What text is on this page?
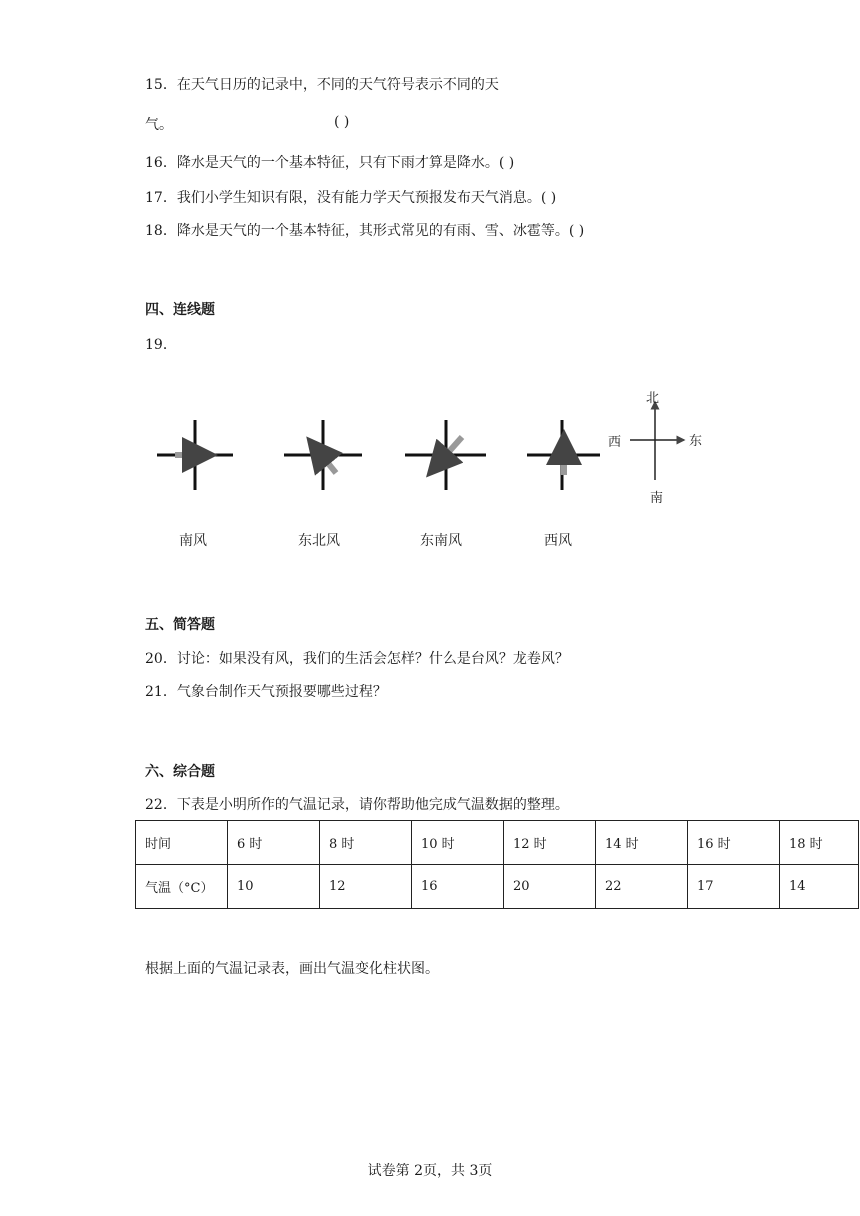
15．在天气日历的记录中，不同的天气符号表示不同的天
气。	( )
16．降水是天气的一个基本特征，只有下雨才算是降水。( )
17．我们小学生知识有限，没有能力学天气预报发布天气消息。( )
18．降水是天气的一个基本特征，其形式常见的有雨、雪、冰雹等。( )
四、连线题
19．
北
西	东
南
南风	东北风	东南风	西风
五、简答题
20．讨论：如果没有风，我们的生活会怎样？什么是台风？龙卷风？
21．气象台制作天气预报要哪些过程？
六、综合题
22．下表是小明所作的气温记录，请你帮助他完成气温数据的整理。
时间	6 时	8 时	10 时	12 时	14 时	16 时	18 时
气温（°C）	10	12	16	20	22	17	14
根据上面的气温记录表，画出气温变化柱状图。
试卷第 2页，共 3页
